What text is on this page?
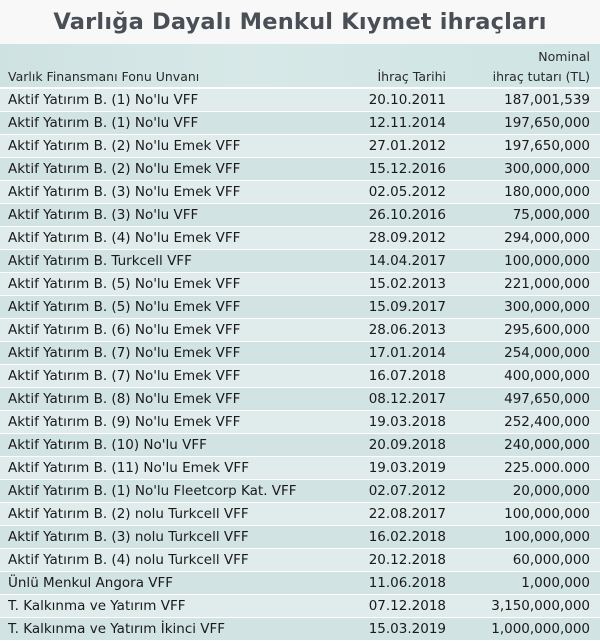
Varlığa Dayalı Menkul Kıymet ihraçları
Varlık Finansmanı Fonu Unvanı	İhraç Tarihi
Nominal
ihraç tutarı (TL)
Aktif Yatırım B. (1) No'lu VFF	20.10.2011	187,001,539
Aktif Yatırım B. (1) No'lu VFF	12.11.2014	197,650,000
Aktif Yatırım B. (2) No'lu Emek VFF	27.01.2012	197,650,000
Aktif Yatırım B. (2) No'lu Emek VFF	15.12.2016	300,000,000
Aktif Yatırım B. (3) No'lu Emek VFF	02.05.2012	180,000,000
Aktif Yatırım B. (3) No'lu VFF	26.10.2016	75,000,000
Aktif Yatırım B. (4) No'lu Emek VFF	28.09.2012	294,000,000
Aktif Yatırım B. Turkcell VFF	14.04.2017	100,000,000
Aktif Yatırım B. (5) No'lu Emek VFF	15.02.2013	221,000,000
Aktif Yatırım B. (5) No'lu Emek VFF	15.09.2017	300,000,000
Aktif Yatırım B. (6) No'lu Emek VFF	28.06.2013	295,600,000
Aktif Yatırım B. (7) No'lu Emek VFF	17.01.2014	254,000,000
Aktif Yatırım B. (7) No'lu Emek VFF	16.07.2018	400,000,000
Aktif Yatırım B. (8) No'lu Emek VFF	08.12.2017	497,650,000
Aktif Yatırım B. (9) No'lu Emek VFF	19.03.2018	252,400,000
Aktif Yatırım B. (10) No'lu VFF	20.09.2018	240,000,000
Aktif Yatırım B. (11) No'lu Emek VFF	19.03.2019	225.000.000
Aktif Yatırım B. (1) No'lu Fleetcorp Kat. VFF	02.07.2012	20,000,000
Aktif Yatırım B. (2) nolu Turkcell VFF	22.08.2017	100,000,000
Aktif Yatırım B. (3) nolu Turkcell VFF	16.02.2018	100,000,000
Aktif Yatırım B. (4) nolu Turkcell VFF	20.12.2018	60,000,000
Ünlü Menkul Angora VFF	11.06.2018	1,000,000
T. Kalkınma ve Yatırım VFF	07.12.2018	3,150,000,000
T. Kalkınma ve Yatırım İkinci VFF	15.03.2019	1,000,000,000
